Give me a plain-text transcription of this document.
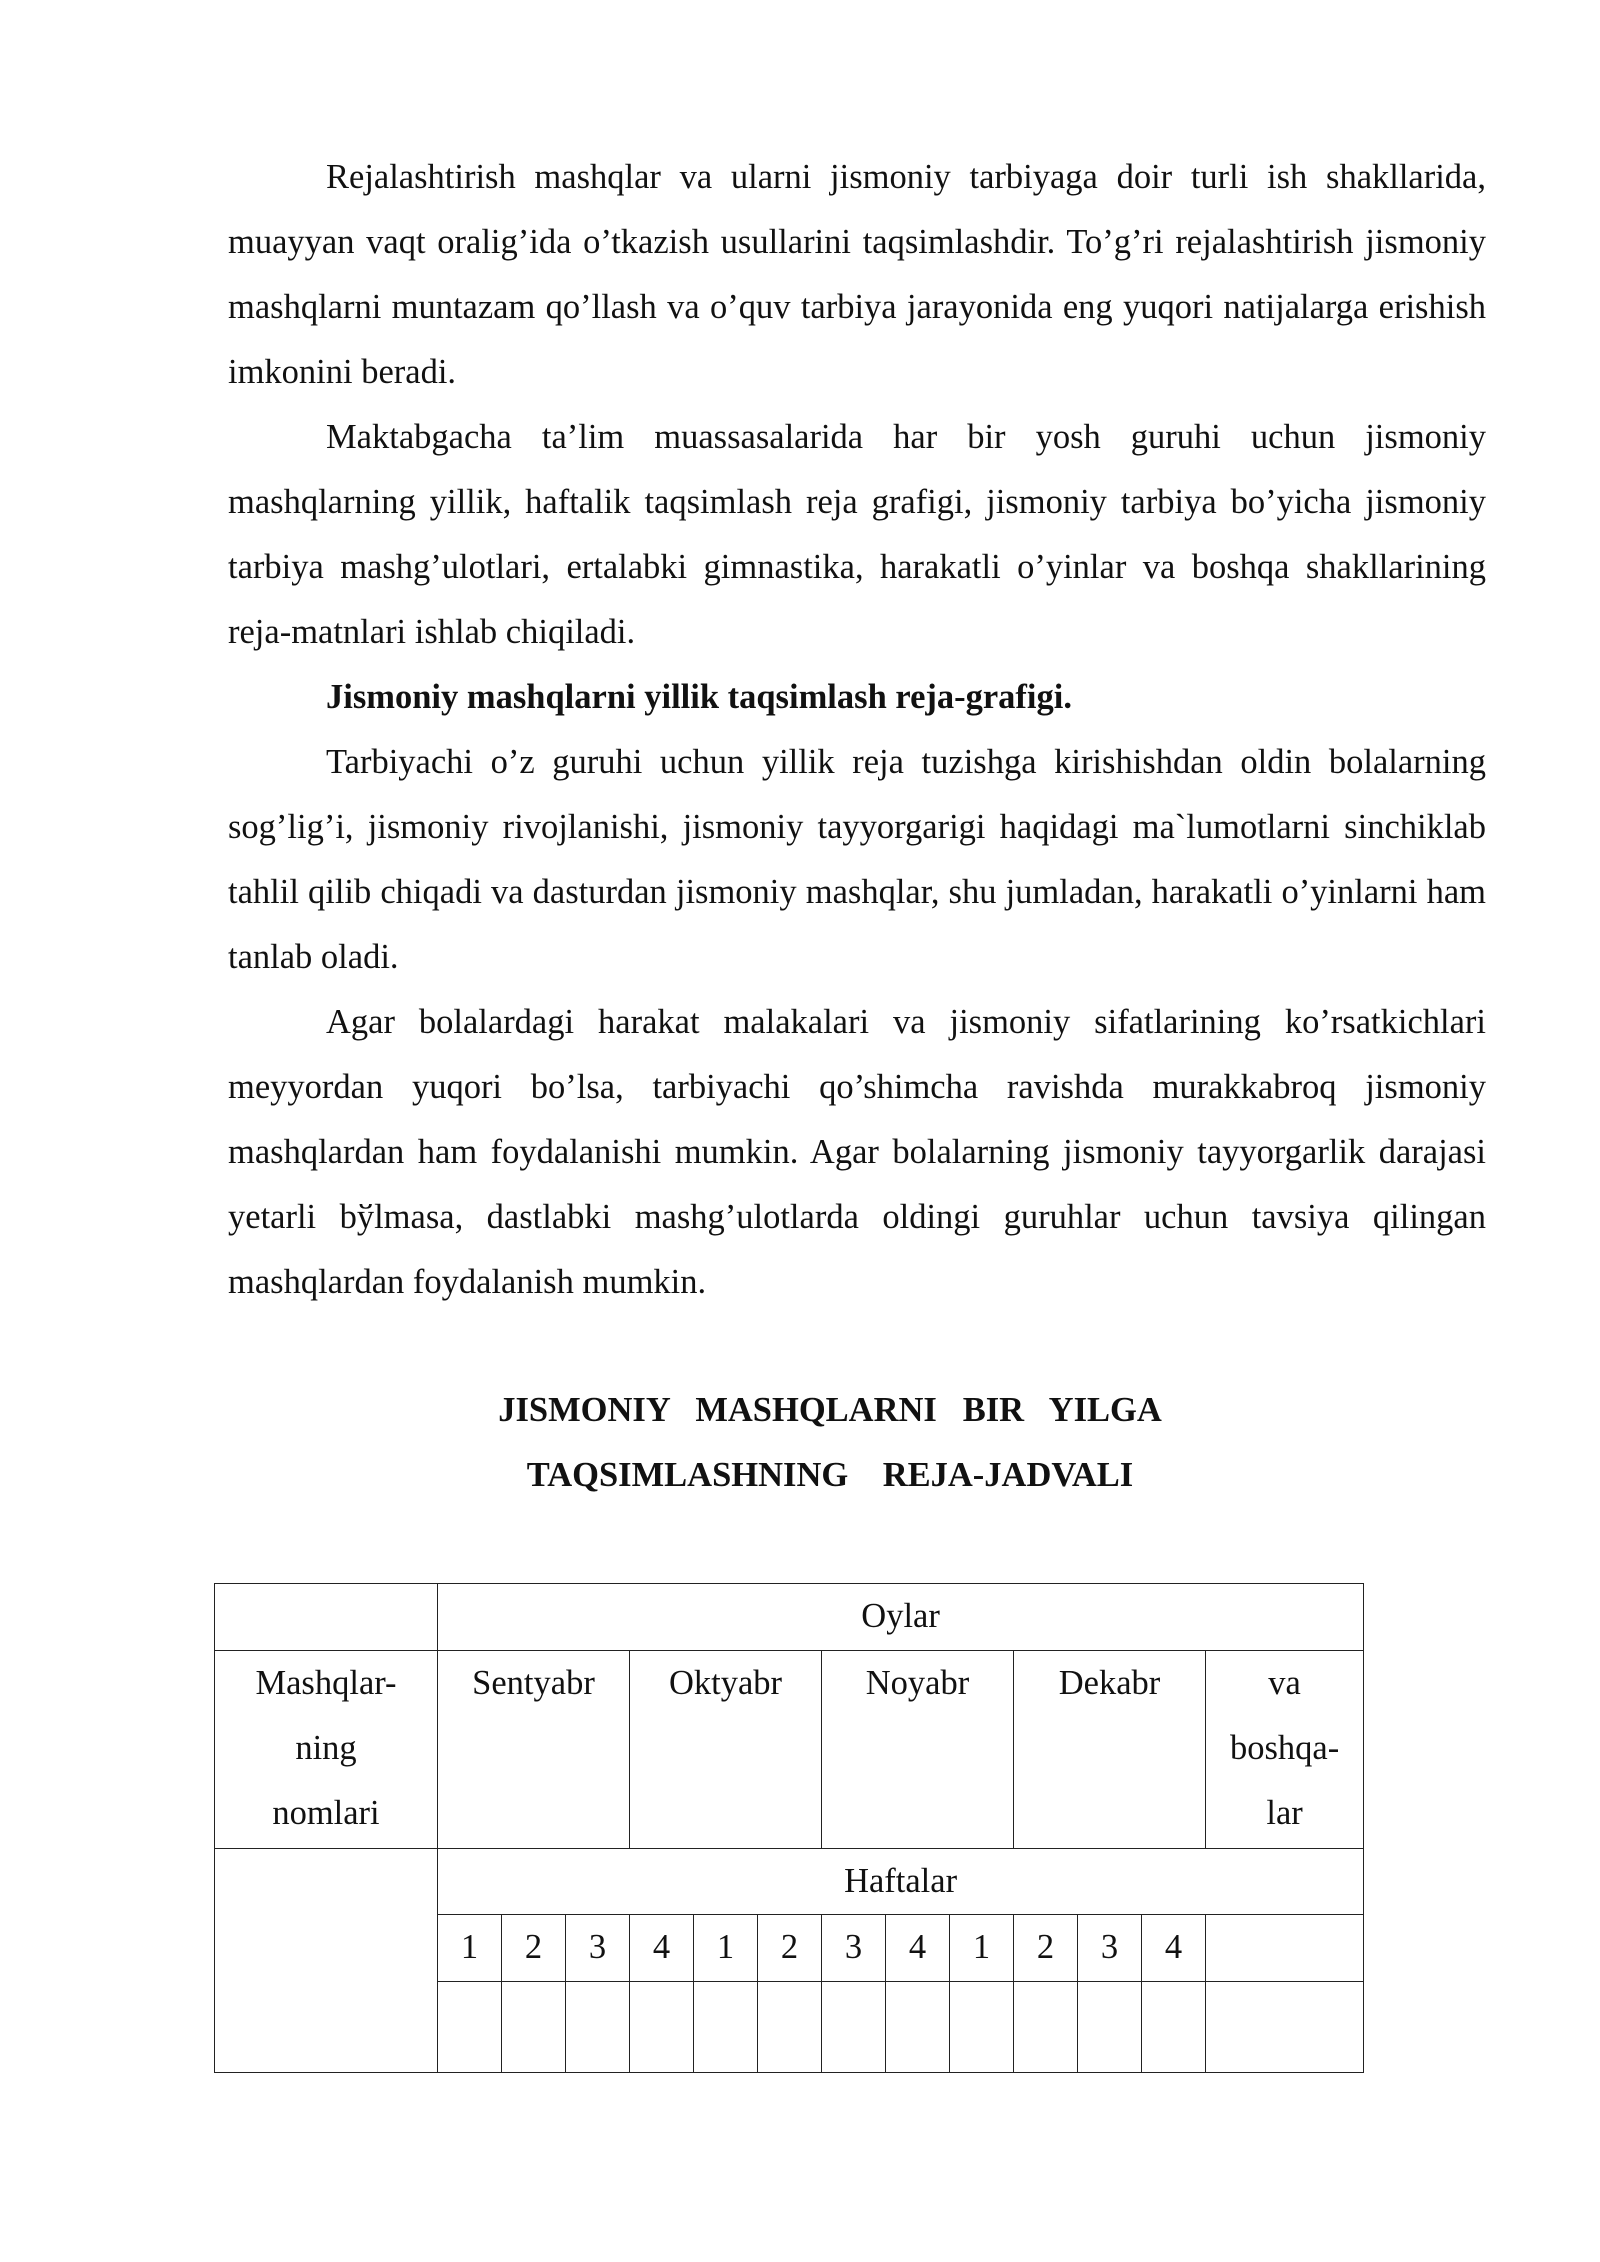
Rejalashtirish mashqlar va ularni jismoniy tarbiyaga doir turli ish shakllarida, muayyan vaqt oralig’ida o’tkazish usullarini taqsimlashdir. To’g’ri rejalashtirish jismoniy mashqlarni muntazam qo’llash va o’quv tarbiya jarayonida eng yuqori natijalarga erishish imkonini beradi.

Maktabgacha ta’lim muassasalarida har bir yosh guruhi uchun jismoniy mashqlarning yillik, haftalik taqsimlash reja grafigi, jismoniy tarbiya bo’yicha jismoniy tarbiya mashg’ulotlari, ertalabki gimnastika, harakatli o’yinlar va boshqa shakllarining reja-matnlari ishlab chiqiladi.

Jismoniy mashqlarni yillik taqsimlash reja-grafigi.

Tarbiyachi o’z guruhi uchun yillik reja tuzishga kirishishdan oldin bolalarning sog’lig’i, jismoniy rivojlanishi, jismoniy tayyorgarigi haqidagi ma`lumotlarni sinchiklab tahlil qilib chiqadi va dasturdan jismoniy mashqlar, shu jumladan, harakatli o’yinlarni ham tanlab oladi.

Agar bolalardagi harakat malakalari va jismoniy sifatlarining ko’rsatkichlari meyyordan yuqori bo’lsa, tarbiyachi qo’shimcha ravishda murakkabroq jismoniy mashqlardan ham foydalanishi mumkin. Agar bolalarning jismoniy tayyorgarlik darajasi yetarli bўlmasa, dastlabki mashg’ulotlarda oldingi guruhlar uchun tavsiya qilingan mashqlardan foydalanish mumkin.

JISMONIY   MASHQLARNI   BIR   YILGA
TAQSIMLASHNING    REJA-JADVALI
	Oylar												

Mashqlar-
ning
nomlari	Sentyabr			Oktyabr			Noyabr			Dekabr			va
boshqa-
lar

	Haftalar												
	1	2	3	4	1	2	3	4	1	2	3	4	
